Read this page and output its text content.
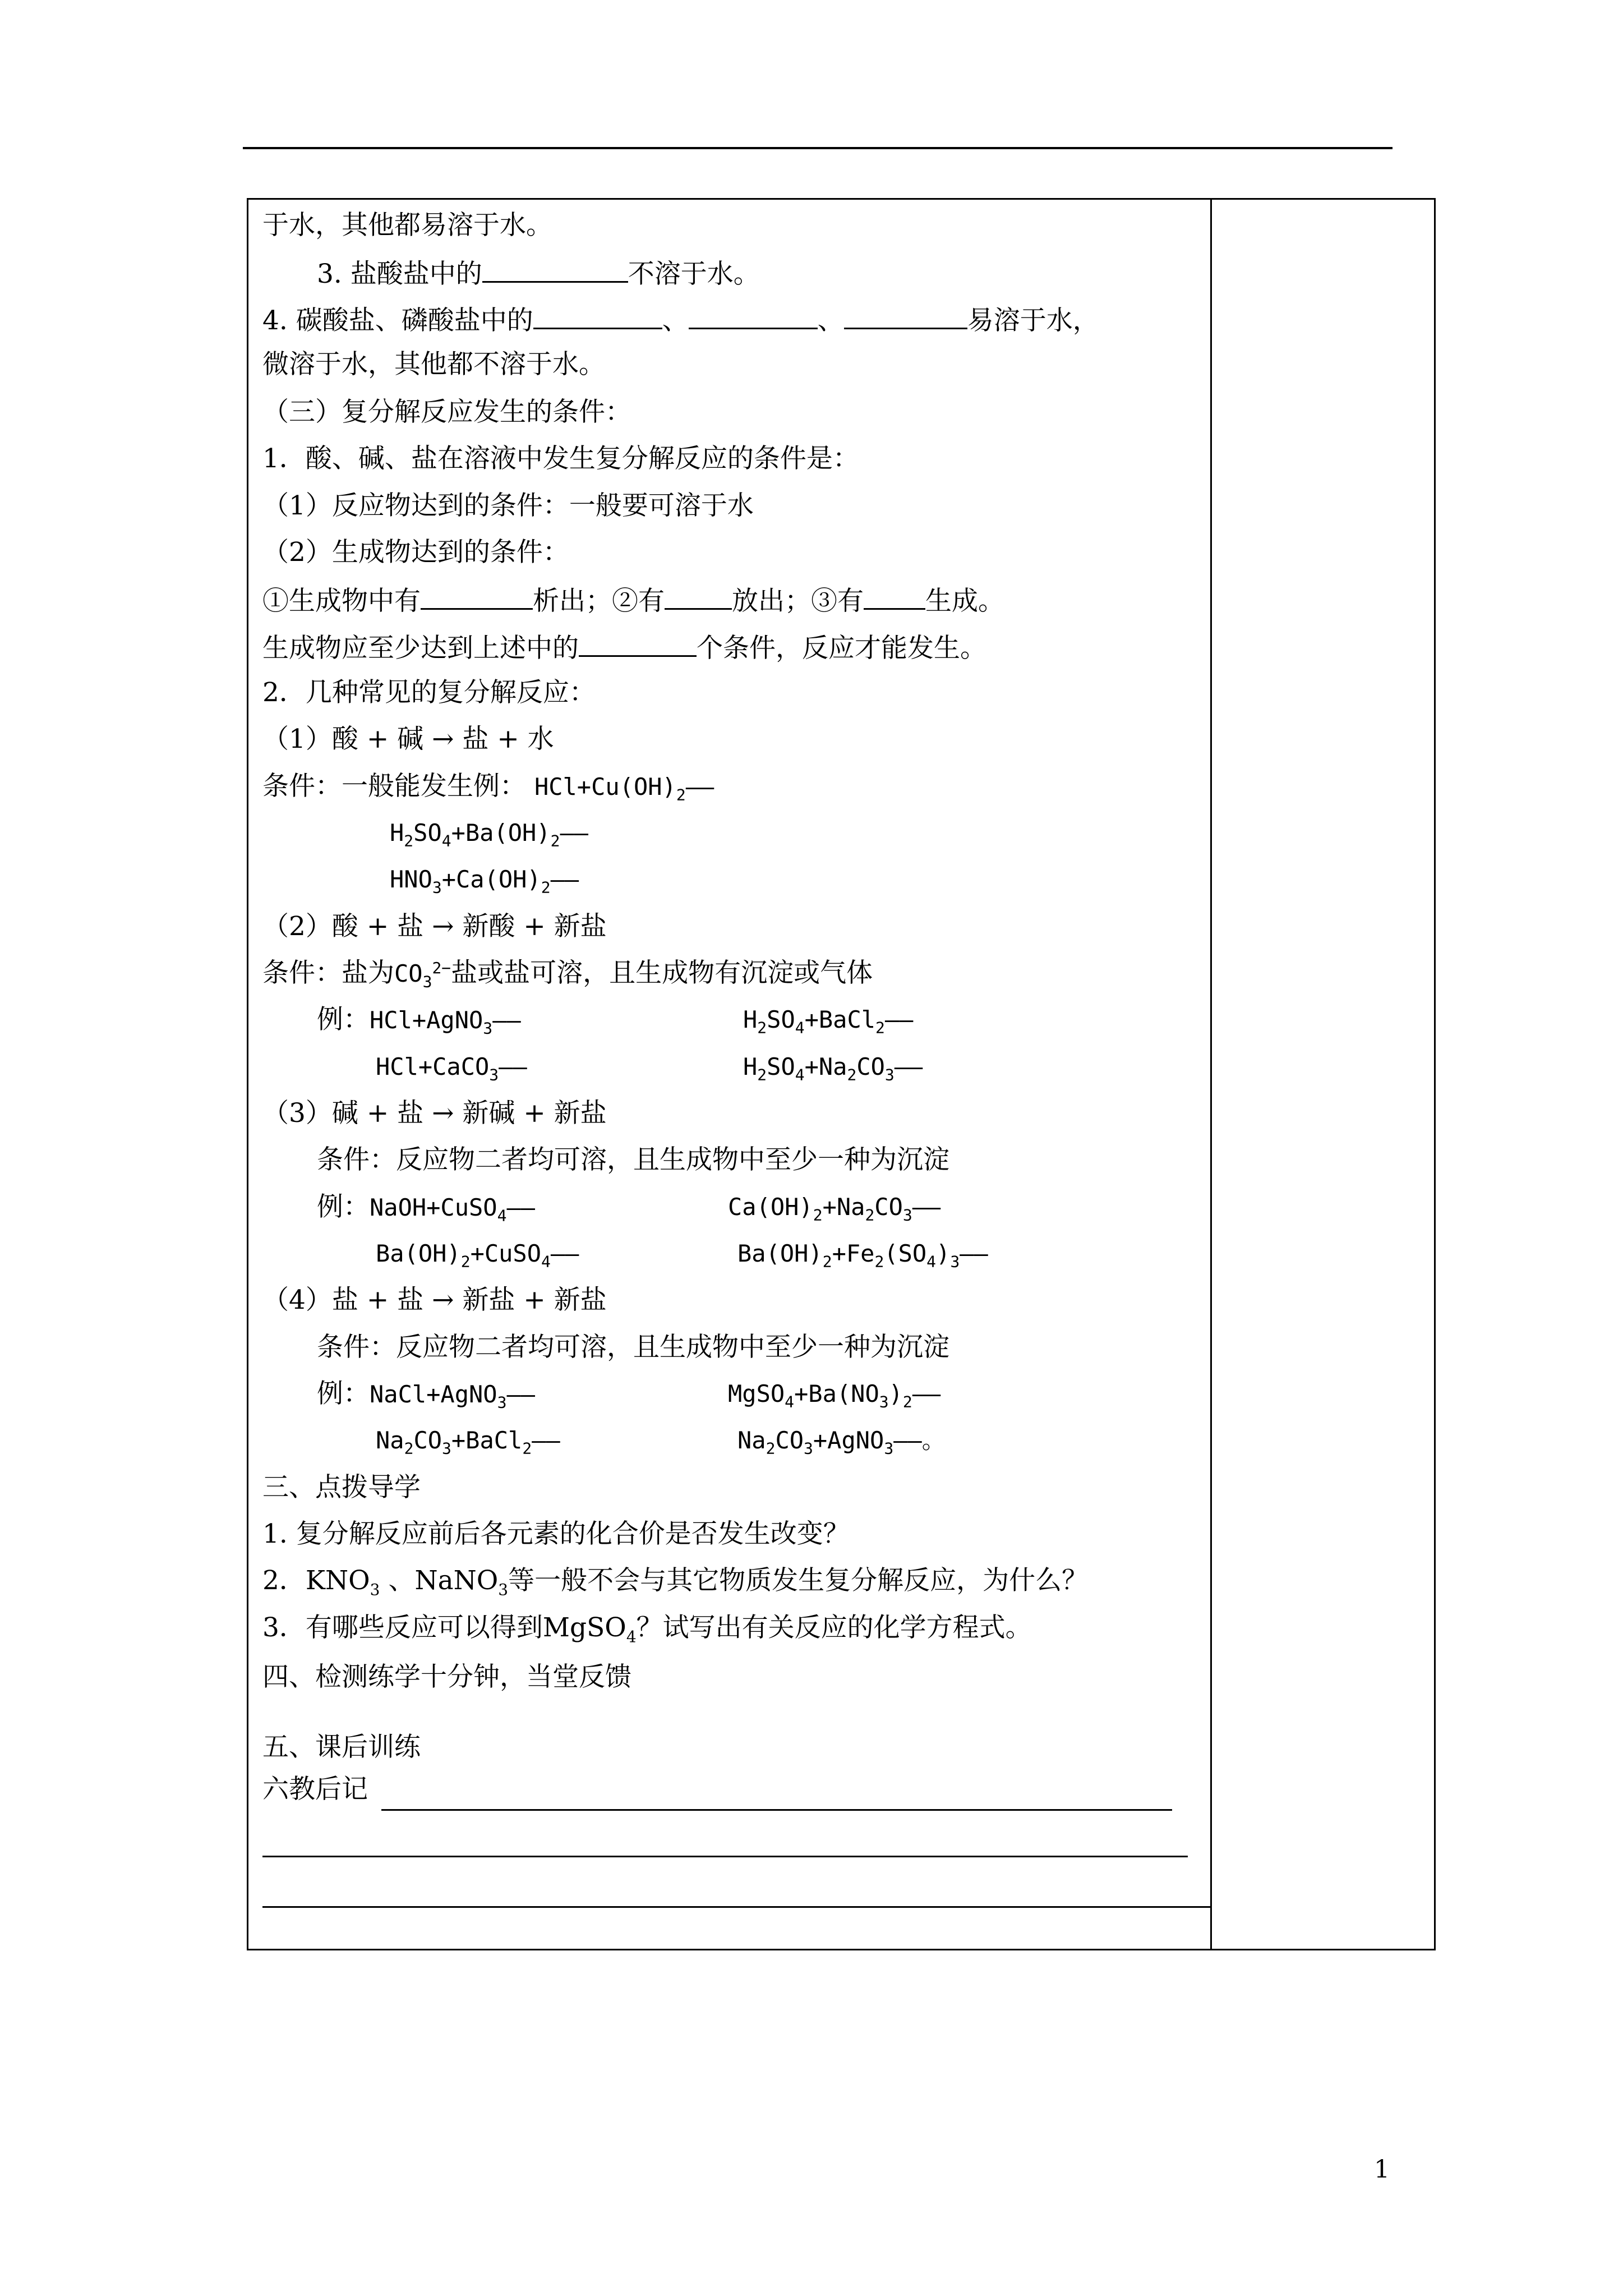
于水，其他都易溶于水。
3. 盐酸盐中的	不溶于水。
4. 碳酸盐、磷酸盐中的	、	、	易溶于水，
微溶于水，其他都不溶于水。
（三）复分解反应发生的条件：
1．酸、碱、盐在溶液中发生复分解反应的条件是：
（1）反应物达到的条件：一般要可溶于水
（2）生成物达到的条件：
①生成物中有	析出；②有	放出；③有 生成。
生成物应至少达到上述中的	个条件，反应才能发生。
2．几种常见的复分解反应：
（1）酸 + 碱 → 盐 + 水
条件：一般能发生例： $HCl+Cu(OH)_2——$
$H_2SO_4+Ba(OH)_2——$
$HNO_3+Ca(OH)_2——$
（2）酸 + 盐 → 新酸 + 新盐
条件：盐为$CO_3^{2-}$盐或盐可溶，且生成物有沉淀或气体
例：HCl+AgNO$_3$——	$H_2SO_4+BaCl_2——$
HCl+CaCO$_3$——	$H_2SO_4+Na_2CO_3——$
（3）碱 + 盐 → 新碱 + 新盐
条件：反应物二者均可溶，且生成物中至少一种为沉淀
例：NaOH+CuSO$_4$——	$Ca(OH)_2+Na_2CO_3——$
$Ba(OH)_2+CuSO_4——$	$Ba(OH)_2+Fe_2(SO_4)_3——$
（4）盐 + 盐 → 新盐 + 新盐
条件：反应物二者均可溶，且生成物中至少一种为沉淀
例：NaCl+AgNO$_3$——	$MgSO_4+Ba(NO_3)_2——$
$Na_2CO_3+BaCl_2——$	$Na_2CO_3+AgNO_3——$。
三、点拨导学
1. 复分解反应前后各元素的化合价是否发生改变？
2．$KNO_3$ 、NaNO$_3$等一般不会与其它物质发生复分解反应，为什么？
3．有哪些反应可以得到MgSO$_4$？试写出有关反应的化学方程式。
四、检测练学十分钟，当堂反馈
五、课后训练
六教后记
1
